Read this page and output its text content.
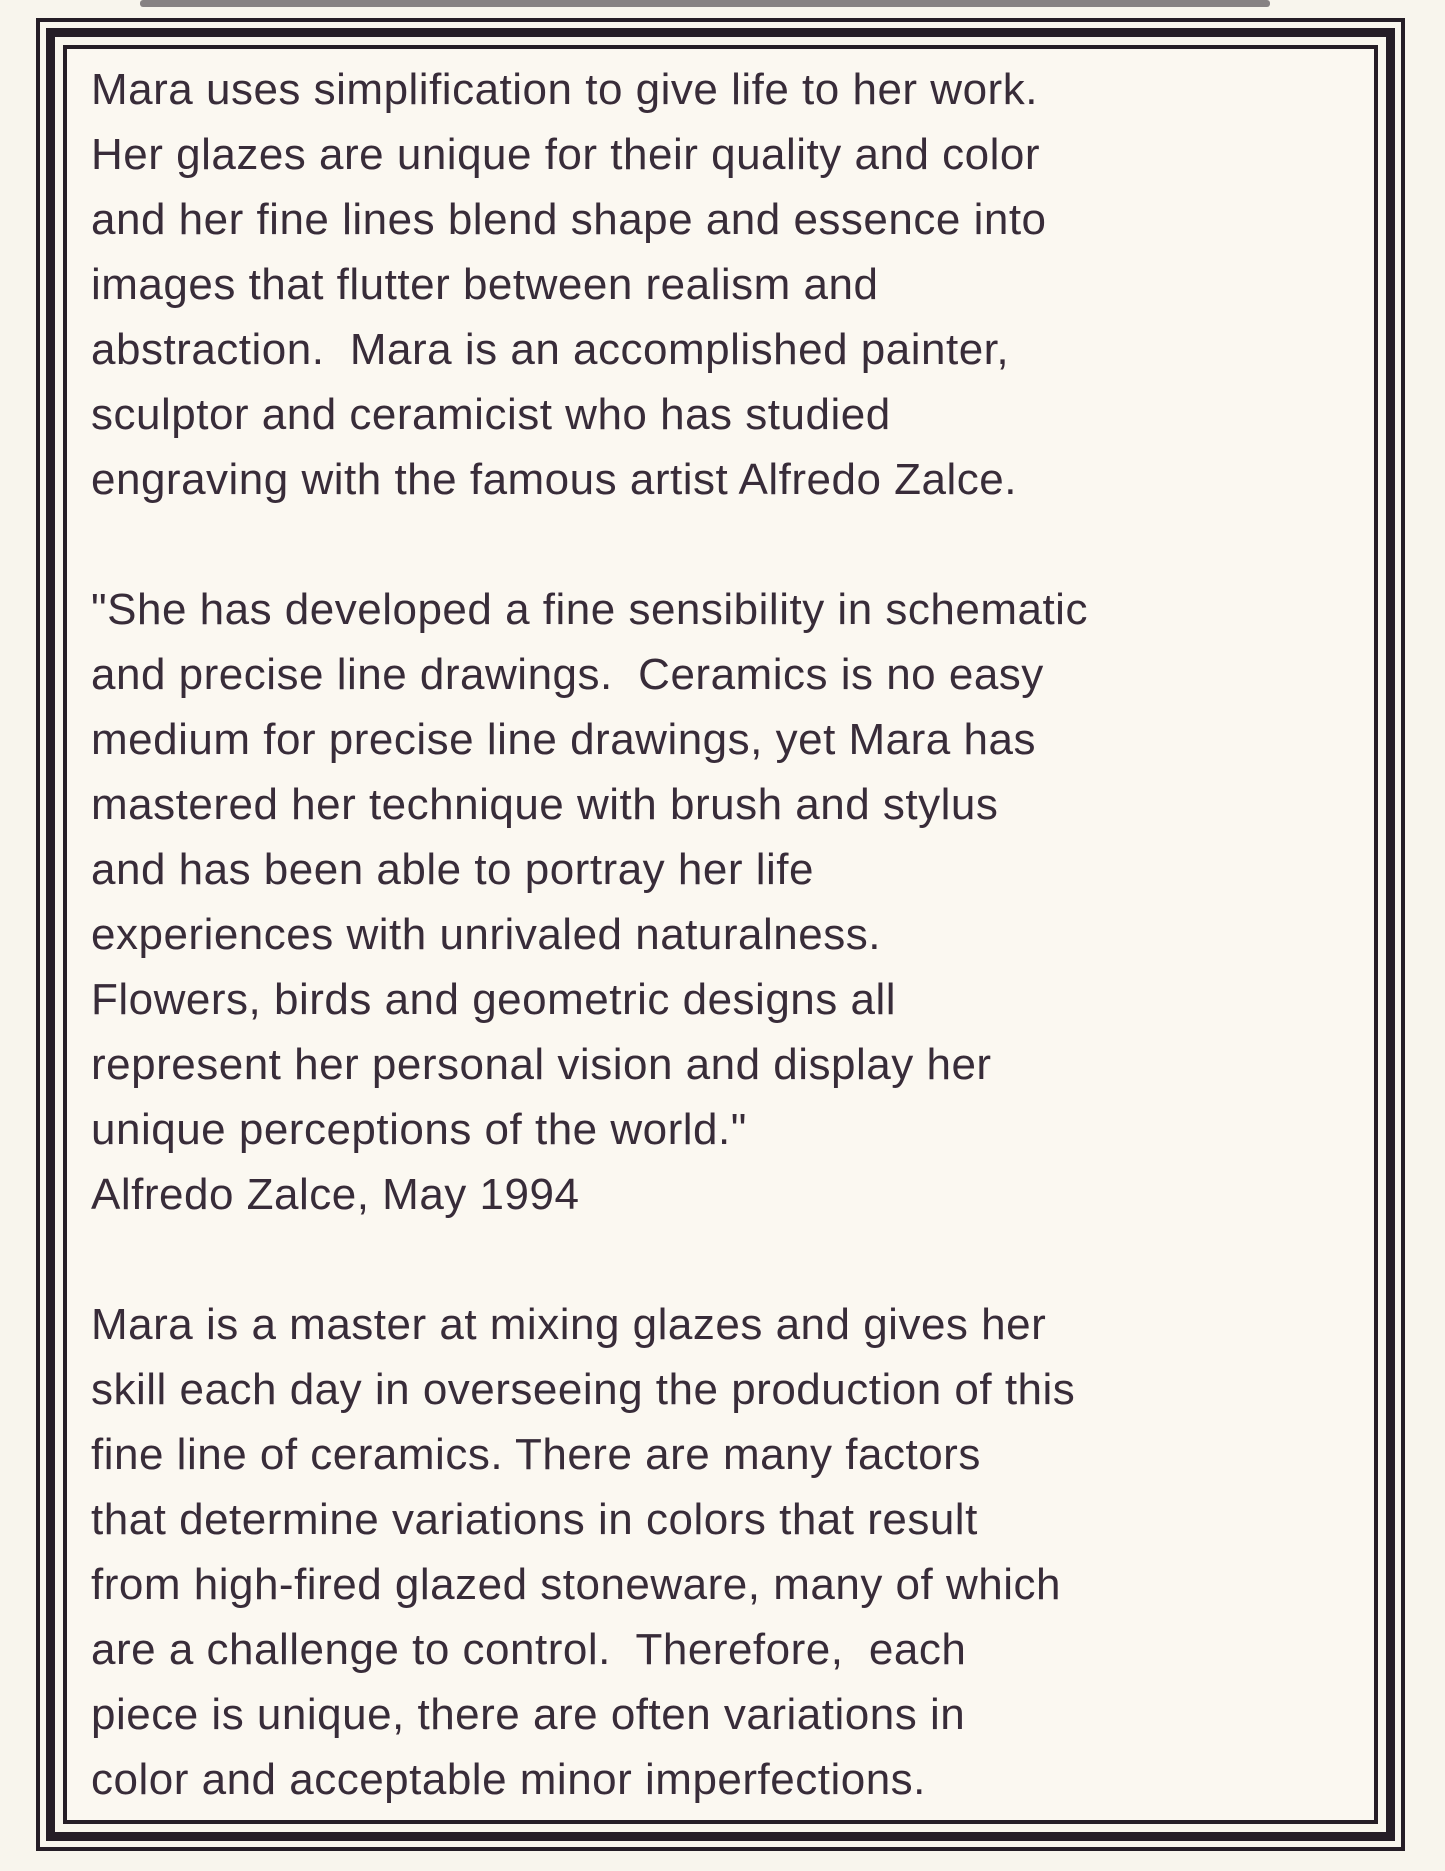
Mara uses simplification to give life to her work.
Her glazes are unique for their quality and color
and her fine lines blend shape and essence into
images that flutter between realism and
abstraction.  Mara is an accomplished painter,
sculptor and ceramicist who has studied
engraving with the famous artist Alfredo Zalce.
"She has developed a fine sensibility in schematic
and precise line drawings.  Ceramics is no easy
medium for precise line drawings, yet Mara has
mastered her technique with brush and stylus
and has been able to portray her life
experiences with unrivaled naturalness.
Flowers, birds and geometric designs all
represent her personal vision and display her
unique perceptions of the world."
Alfredo Zalce, May 1994
Mara is a master at mixing glazes and gives her
skill each day in overseeing the production of this
fine line of ceramics. There are many factors
that determine variations in colors that result
from high-fired glazed stoneware, many of which
are a challenge to control.  Therefore,  each
piece is unique, there are often variations in
color and acceptable minor imperfections.
